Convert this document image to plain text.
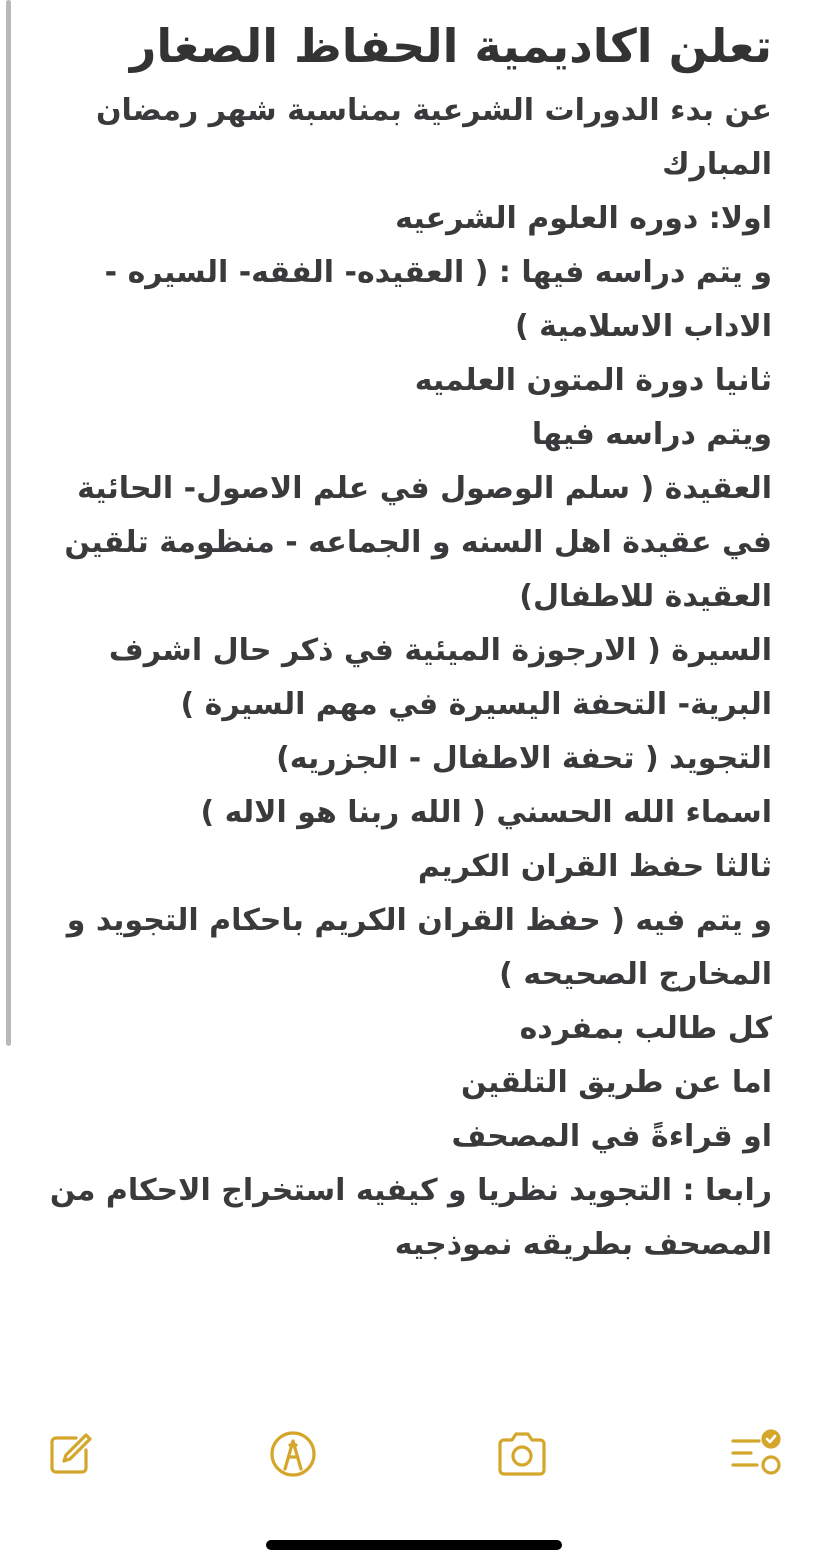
تعلن اكاديمية الحفاظ الصغار

عن بدء الدورات الشرعية بمناسبة شهر رمضان المبارك

اولا: دوره العلوم الشرعيه

و يتم دراسه فيها : ( العقيده- الفقه- السيره - الاداب الاسلامية )

ثانيا دورة المتون العلميه

ويتم دراسه فيها

العقيدة ( سلم الوصول في علم الاصول- الحائية في عقيدة اهل السنه و الجماعه - منظومة تلقين العقيدة للاطفال)

السيرة ( الارجوزة الميئية في ذكر حال اشرف البرية- التحفة اليسيرة في مهم السيرة )

التجويد ( تحفة الاطفال - الجزريه)

اسماء الله الحسني ( الله ربنا هو الاله )

ثالثا حفظ القران الكريم

و يتم فيه ( حفظ القران الكريم باحكام التجويد و المخارج الصحيحه )

كل طالب بمفرده

اما عن طريق التلقين

او قراءةً في المصحف

رابعا : التجويد نظريا و كيفيه استخراج الاحكام من المصحف بطريقه نموذجيه
